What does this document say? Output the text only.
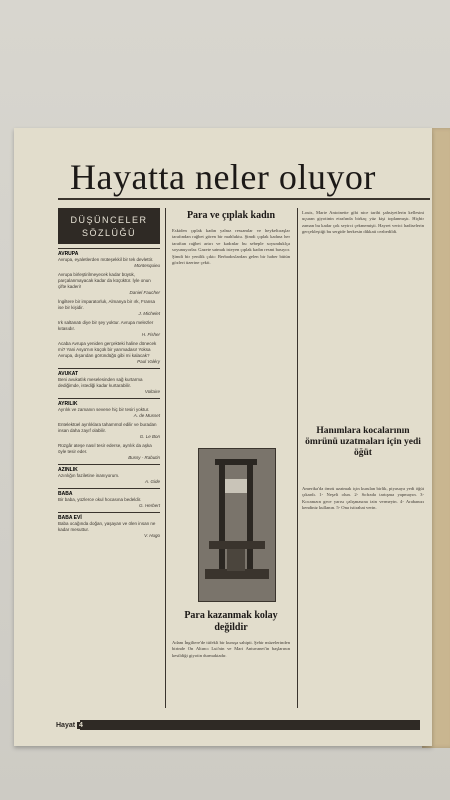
Hayatta neler oluyor
DÜŞÜNCELER
SÖZLÜĞÜ
AVRUPA
Avrupa, eyaletlerden müteşekkil bir tek devlettir.
Montesquieu
Avrupa birleştirilmeyecek kadar büyük, parçalanmayacak kadar da küçüktür. İyle onun çifte kaderi!
Daniel Faucher
İngiltere bir imparatorluk, Almanya bir ırk, Fransa ise bir kişidir.
J. Michelet
Irk saltanatı diye bir şey yoktur. Avrupa melezler kıtasıdır.
H. Fisher
Acaba Avrupa yeniden gerçekteki haline dönecek mi? Yani Asya'nın küçük bir yarımadası! Yoksa Avrupa, dışarıdan göründüğü gibi mi kalacak?
Paul Valéry
AVUKAT
Beni avukatlık meselesinden sağ kurtarma dediğimde, istediği kadar kurtarabilir.
Voltaire
AYRILIK
Ayrılık ve zamanın sevene hiç bir tesiri yoktur.
A. de Musset
Entelektüel ayrılıklara tahammül edilir ve buradan insan daha zayıf olabilir.
G. Le Bon
Rüzgâr ateşe nasıl tesir ederse, ayrılık da aşka öyle tesir eder.
Bussy - Rabutin
AZINLIK
Azınlığın faziletine inanıyorum.
A. Gide
BABA
Bir baba, yüzlerce okul hocasına bedeldir.
G. Herbert
BABA EVİ
Baba ocağında doğan, yaşayan ve ölen insan ne kadar mesuttur.
V. Hugo
Para ve çıplak kadın
Eskiden çıplak kadın yalnız ressamlar ve heykeltıraşlar tarafından rağbet gören bir mahluktu. Şimdi çıplak kadına her taraftan rağbet artırı ve kadınlar bu sebeple soyunduklça soyunuyorlar. Gazete satmak isteyen çıplak kadın resmi basıyor. Şimdi bir yenilik çıktı: Berbadoslardan gelen bir haber bütün gözleri üzerine çekti.
Para kazanmak kolay değildir
Adam İngiltere'de tüfekli bir kuruşa sahipti. Şehir müzelerinden birinde On Altıncı Lui'nin ve Mari Antuvanet'in başlarının kesildiği giyotin durmaktadır.
Louis, Marie Antoinette gibi nice tarihi şahsiyetlerin kellesini uçuran giyotinin etrafında birkaç yüz kişi toplanmıştı. Hiçbir zaman bu kadar çok seyirci çekmemişti. Hayret verici hadiselerin gerçekleştiği bu sergide herkesin dikkati cezbedildi.
Hanımlara kocalarının ömrünü uzatmaları için yedi öğüt
Amerika'da ömrü uzatmak için kurulan birlik, piyasaya yedi öğüt çıkardı. 1- Neşeli olun. 2- Sofrada tartışma yapmayın. 3- Kocanızın gece yarısı çalışmasına izin vermeyin. 4- Arabanızı kendiniz kullanın. 5- Ona istirahat verin.
Hayat 4
